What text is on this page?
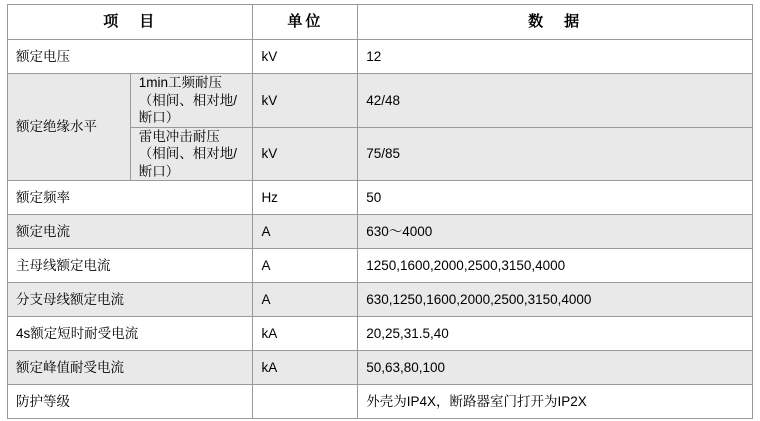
项　目		单位	数　据
额定电压		kV	12
额定绝缘水平	1min工频耐压（相间、相对地/断口）	kV	42/48
	雷电冲击耐压（相间、相对地/断口）	kV	75/85
额定频率		Hz	50
额定电流		A	630～4000
主母线额定电流		A	1250,1600,2000,2500,3150,4000
分支母线额定电流		A	630,1250,1600,2000,2500,3150,4000
4s额定短时耐受电流		kA	20,25,31.5,40
额定峰值耐受电流		kA	50,63,80,100
防护等级			外壳为IP4X，断路器室门打开为IP2X
